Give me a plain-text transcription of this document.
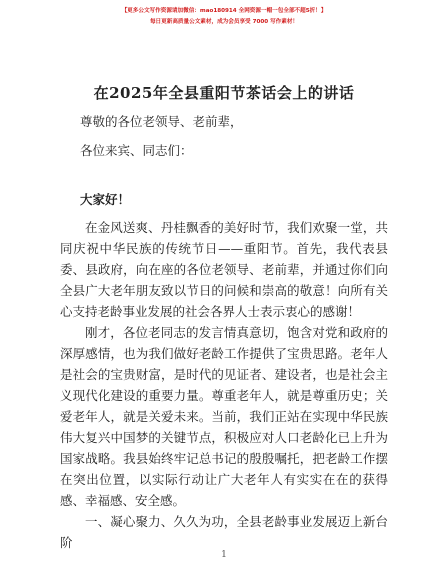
【更多公文写作资源请加微信：mao180914 全网资源一帽一包全部不超5折！】
每日更新高质量公文素材，成为会员享受 7000 写作素材！
在2025年全县重阳节茶话会上的讲话
尊敬的各位老领导、老前辈，
各位来宾、同志们：
大家好！

在金风送爽、丹桂飘香的美好时节，我们欢聚一堂，共同庆祝中华民族的传统节日——重阳节。首先，我代表县委、县政府，向在座的各位老领导、老前辈，并通过你们向全县广大老年朋友致以节日的问候和崇高的敬意！向所有关心支持老龄事业发展的社会各界人士表示衷心的感谢！

刚才，各位老同志的发言情真意切，饱含对党和政府的深厚感情，也为我们做好老龄工作提供了宝贵思路。老年人是社会的宝贵财富，是时代的见证者、建设者，也是社会主义现代化建设的重要力量。尊重老年人，就是尊重历史；关爱老年人，就是关爱未来。当前，我们正站在实现中华民族伟大复兴中国梦的关键节点，积极应对人口老龄化已上升为国家战略。我县始终牢记总书记的殷殷嘱托，把老龄工作摆在突出位置，以实际行动让广大老年人有实实在在的获得感、幸福感、安全感。

一、凝心聚力、久久为功，全县老龄事业发展迈上新台阶

1
